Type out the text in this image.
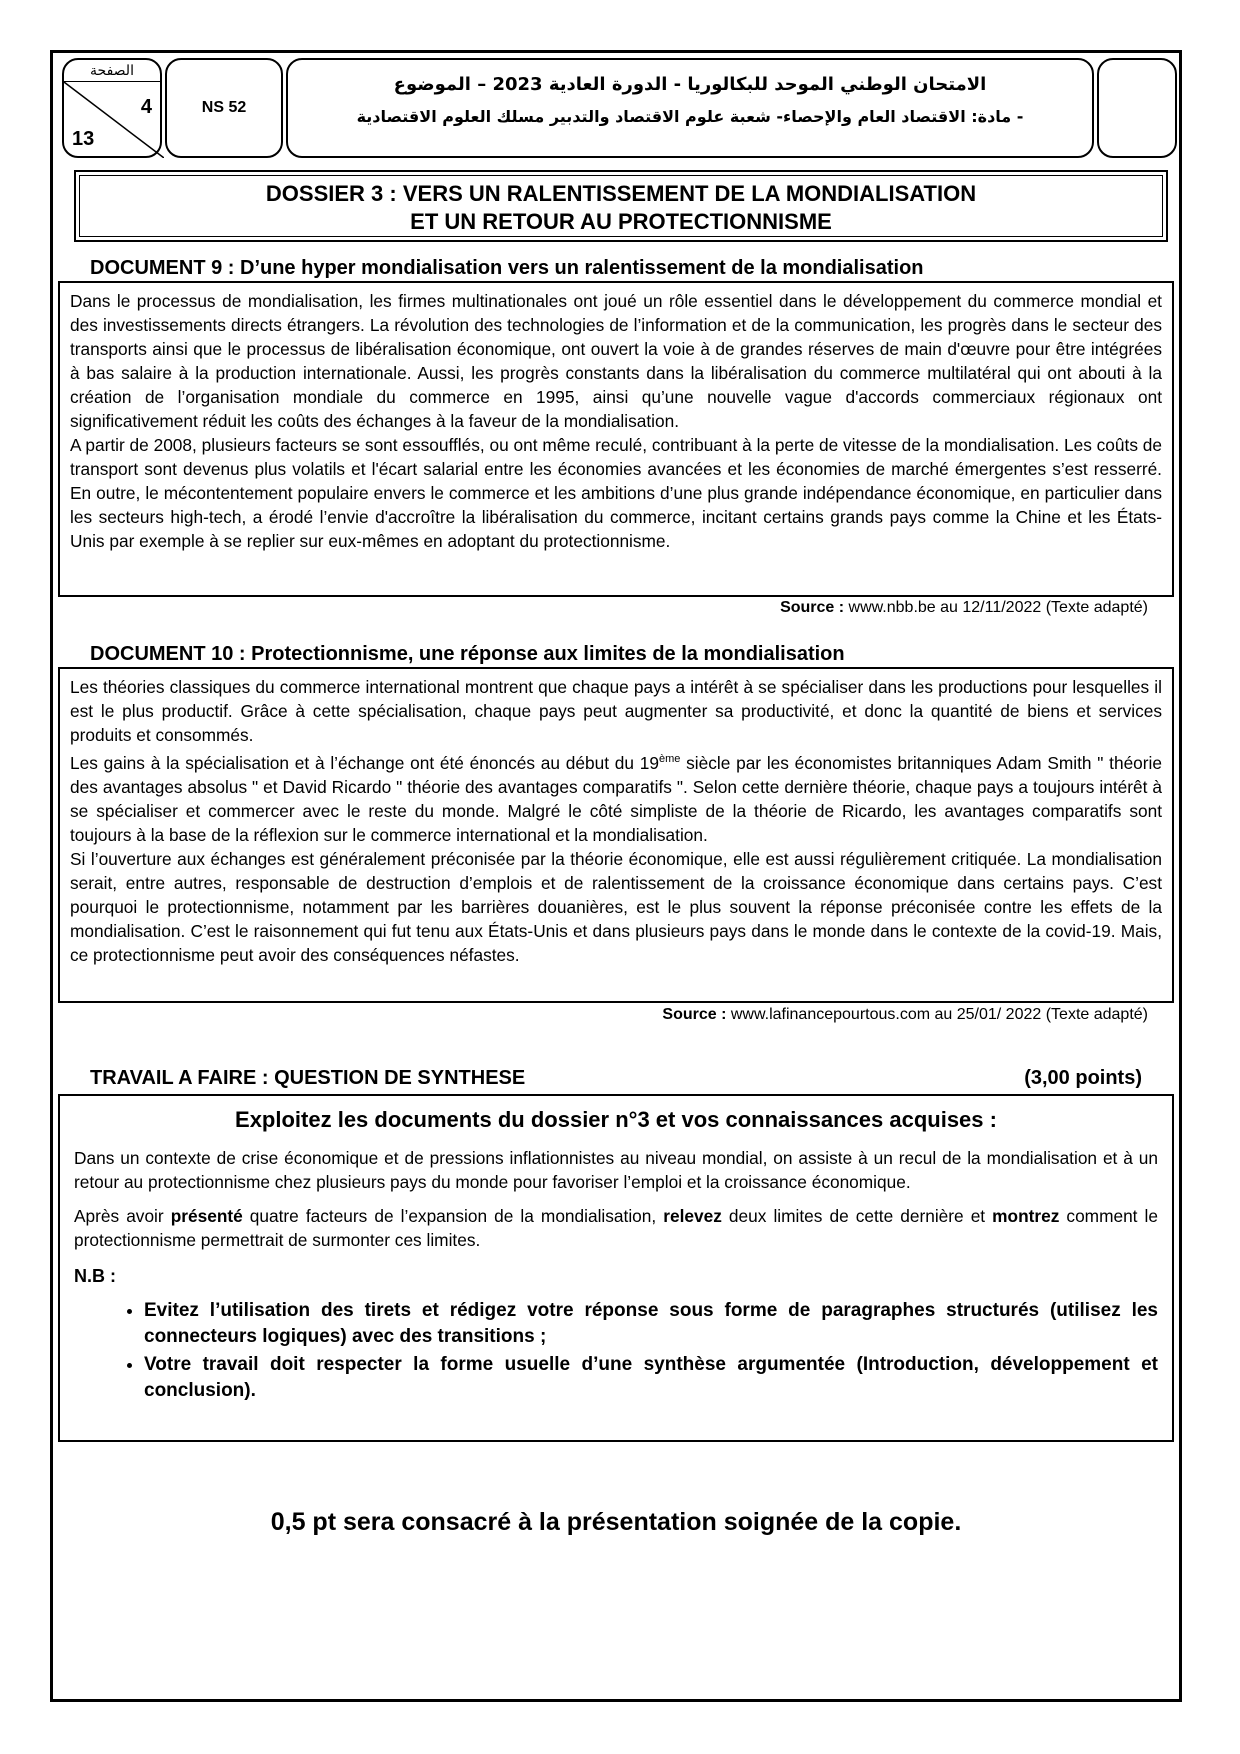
الصفحة
4
13
NS 52
الامتحان الوطني الموحد للبكالوريا - الدورة العادية 2023 – الموضوع
- مادة: الاقتصاد العام والإحصاء- شعبة علوم الاقتصاد والتدبير مسلك العلوم الاقتصادية
DOSSIER 3 : VERS UN RALENTISSEMENT DE LA MONDIALISATION
ET UN RETOUR AU PROTECTIONNISME
DOCUMENT 9 : D’une hyper mondialisation vers un ralentissement de la mondialisation

Dans le processus de mondialisation, les firmes multinationales ont joué un rôle essentiel dans le développement du commerce mondial et des investissements directs étrangers. La révolution des technologies de l’information et de la communication, les progrès dans le secteur des transports ainsi que le processus de libéralisation économique, ont ouvert la voie à de grandes réserves de main d'œuvre pour être intégrées à bas salaire à la production internationale. Aussi, les progrès constants dans la libéralisation du commerce multilatéral qui ont abouti à la création de l’organisation mondiale du commerce en 1995, ainsi qu’une nouvelle vague d'accords commerciaux régionaux ont significativement réduit les coûts des échanges à la faveur de la mondialisation.

A partir de 2008, plusieurs facteurs se sont essoufflés, ou ont même reculé, contribuant à la perte de vitesse de la mondialisation. Les coûts de transport sont devenus plus volatils et l'écart salarial entre les économies avancées et les économies de marché émergentes s’est resserré. En outre, le mécontentement populaire envers le commerce et les ambitions d’une plus grande indépendance économique, en particulier dans les secteurs high-tech, a érodé l’envie d'accroître la libéralisation du commerce, incitant certains grands pays comme la Chine et les États-Unis par exemple à se replier sur eux-mêmes en adoptant du protectionnisme.

Source : www.nbb.be au 12/11/2022 (Texte adapté)
DOCUMENT 10 : Protectionnisme, une réponse aux limites de la mondialisation

Les théories classiques du commerce international montrent que chaque pays a intérêt à se spécialiser dans les productions pour lesquelles il est le plus productif. Grâce à cette spécialisation, chaque pays peut augmenter sa productivité, et donc la quantité de biens et services produits et consommés.

Les gains à la spécialisation et à l’échange ont été énoncés au début du 19ème siècle par les économistes britanniques Adam Smith " théorie des avantages absolus " et David Ricardo " théorie des avantages comparatifs ". Selon cette dernière théorie, chaque pays a toujours intérêt à se spécialiser et commercer avec le reste du monde. Malgré le côté simpliste de la théorie de Ricardo, les avantages comparatifs sont toujours à la base de la réflexion sur le commerce international et la mondialisation.

Si l’ouverture aux échanges est généralement préconisée par la théorie économique, elle est aussi régulièrement critiquée. La mondialisation serait, entre autres, responsable de destruction d’emplois et de ralentissement de la croissance économique dans certains pays. C’est pourquoi le protectionnisme, notamment par les barrières douanières, est le plus souvent la réponse préconisée contre les effets de la mondialisation. C’est le raisonnement qui fut tenu aux États-Unis et dans plusieurs pays dans le monde dans le contexte de la covid-19. Mais, ce protectionnisme peut avoir des conséquences néfastes.

Source : www.lafinancepourtous.com au 25/01/ 2022 (Texte adapté)
TRAVAIL A FAIRE : QUESTION DE SYNTHESE	(3,00 points)
Exploitez les documents du dossier n°3 et vos connaissances acquises :

Dans un contexte de crise économique et de pressions inflationnistes au niveau mondial, on assiste à un recul de la mondialisation et à un retour au protectionnisme chez plusieurs pays du monde pour favoriser l’emploi et la croissance économique.

Après avoir présenté quatre facteurs de l’expansion de la mondialisation, relevez deux limites de cette dernière et montrez comment le protectionnisme permettrait de surmonter ces limites.

N.B :
• Evitez l’utilisation des tirets et rédigez votre réponse sous forme de paragraphes structurés (utilisez les connecteurs logiques) avec des transitions ;
• Votre travail doit respecter la forme usuelle d’une synthèse argumentée (Introduction, développement et conclusion).
0,5 pt sera consacré à la présentation soignée de la copie.
